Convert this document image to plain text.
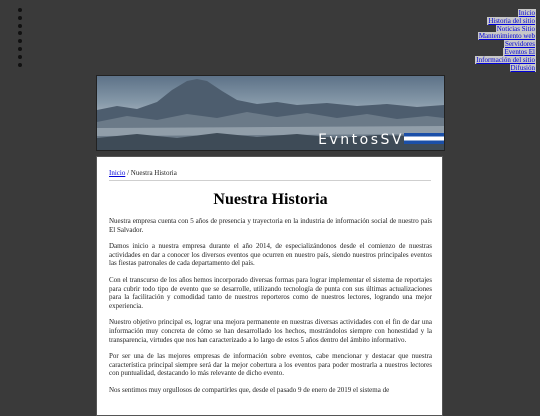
Inicio
Historia del sitio
Noticias Sitio
Mantenimiento web
Servidores
Eventos El
Información del sitio
Difusión
EvntosSV
Inicio / Nuestra Historia
Nuestra Historia

Nuestra empresa cuenta con 5 años de presencia y trayectoria en la industria de información social de nuestro país El Salvador.

Damos inicio a nuestra empresa durante el año 2014, de especializándonos desde el comienzo de nuestras actividades en dar a conocer los diversos eventos que ocurren en nuestro país, siendo nuestros principales eventos las fiestas patronales de cada departamento del país.

Con el transcurso de los años hemos incorporado diversas formas para lograr implementar el sistema de reportajes para cubrir todo tipo de evento que se desarrolle, utilizando tecnología de punta con sus últimas actualizaciones para la facilitación y comodidad tanto de nuestros reporteros como de nuestros lectores, logrando una mejor experiencia.

Nuestro objetivo principal es, lograr una mejora permanente en nuestras diversas actividades con el fin de dar una información muy concreta de cómo se han desarrollado los hechos, mostrándolos siempre con honestidad y la transparencia, virtudes que nos han caracterizado a lo largo de estos 5 años dentro del ámbito informativo.

Por ser una de las mejores empresas de información sobre eventos, cabe mencionar y destacar que nuestra característica principal siempre será dar la mejor cobertura a los eventos para poder mostrarla a nuestros lectores con puntualidad, destacando lo más relevante de dicho evento.

Nos sentimos muy orgullosos de compartirles que, desde el pasado 9 de enero de 2019 el sistema de
